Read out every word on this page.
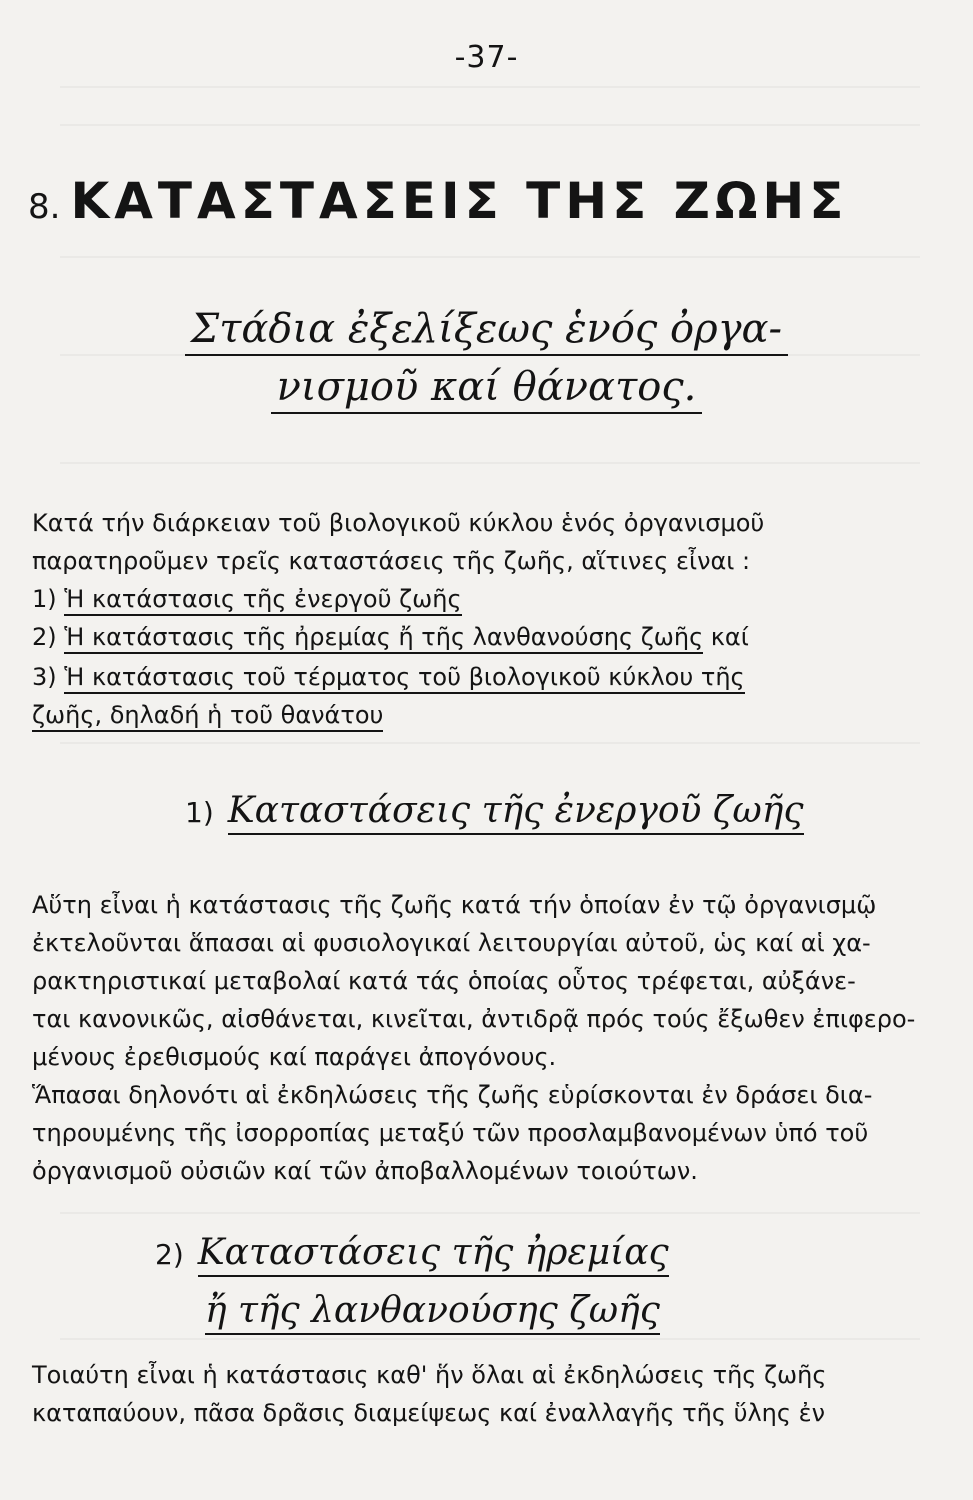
-37-
8. ΚΑΤΑΣΤΑΣΕΙΣ ΤΗΣ ΖΩΗΣ
Στάδια ἐξελίξεως ἑνός ὀργα-
νισμοῦ καί θάνατος.
Κατά τήν διάρκειαν τοῦ βιολογικοῦ κύκλου ἑνός ὀργανισμοῦ
παρατηροῦμεν τρεῖς καταστάσεις τῆς ζωῆς, αἵτινες εἶναι :
1) Ἡ κατάστασις τῆς ἐνεργοῦ ζωῆς
2) Ἡ κατάστασις τῆς ἠρεμίας ἤ τῆς λανθανούσης ζωῆς καί
3) Ἡ κατάστασις τοῦ τέρματος τοῦ βιολογικοῦ κύκλου τῆς
ζωῆς, δηλαδή ἡ τοῦ θανάτου
1) Καταστάσεις τῆς ἐνεργοῦ ζωῆς
Αὕτη εἶναι ἡ κατάστασις τῆς ζωῆς κατά τήν ὁποίαν ἐν τῷ ὀργανισμῷ
ἐκτελοῦνται ἅπασαι αἱ φυσιολογικαί λειτουργίαι αὐτοῦ, ὡς καί αἱ χα-
ρακτηριστικαί μεταβολαί κατά τάς ὁποίας οὗτος τρέφεται, αὐξάνε-
ται κανονικῶς, αἰσθάνεται, κινεῖται, ἀντιδρᾷ πρός τούς ἔξωθεν ἐπιφερο-
μένους ἐρεθισμούς καί παράγει ἀπογόνους.
Ἅπασαι δηλονότι αἱ ἐκδηλώσεις τῆς ζωῆς εὑρίσκονται ἐν δράσει δια-
τηρουμένης τῆς ἰσορροπίας μεταξύ τῶν προσλαμβανομένων ὑπό τοῦ
ὀργανισμοῦ οὐσιῶν καί τῶν ἀποβαλλομένων τοιούτων.
2) Καταστάσεις τῆς ἠρεμίας
ἤ τῆς λανθανούσης ζωῆς
Τοιαύτη εἶναι ἡ κατάστασις καθ' ἥν ὅλαι αἱ ἐκδηλώσεις τῆς ζωῆς
καταπαύουν, πᾶσα δρᾶσις διαμείψεως καί ἐναλλαγῆς τῆς ὕλης ἐν
